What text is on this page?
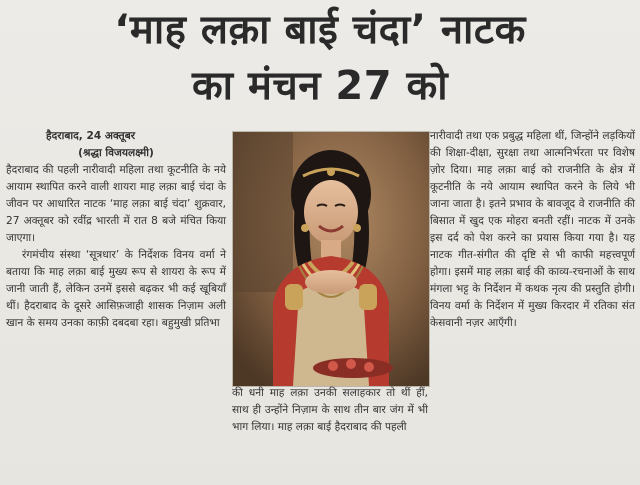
‘माह लक़ा बाई चंदा’ नाटक
का मंचन 27 को

हैदराबाद, 24 अक्तूबर

(श्रद्धा विजयलक्ष्मी)

हैदराबाद की पहली नारीवादी महिला तथा कूटनीति के नये आयाम स्थापित करने वाली शायरा माह लक़ा बाई चंदा के जीवन पर आधारित नाटक ‘माह लक़ा बाई चंदा’ शुक्रवार, 27 अक्तूबर को रवींद्र भारती में रात 8 बजे मंचित किया जाएगा।

रंगमंचीय संस्था ‘सूत्रधार’ के निर्देशक विनय वर्मा ने बताया कि माह लक़ा बाई मुख्य रूप से शायरा के रूप में जानी जाती हैं, लेकिन उनमें इससे बढ़कर भी कई खूबियाँ थीं। हैदराबाद के दूसरे आसिफ़जाही शासक निज़ाम अली खान के समय उनका काफ़ी दबदबा रहा। बहुमुखी प्रतिभा

की धनी माह लक़ा उनकी सलाहकार तो थीं हीं, साथ ही उन्होंने निज़ाम के साथ तीन बार जंग में भी भाग लिया। माह लक़ा बाई हैदराबाद की पहली

नारीवादी तथा एक प्रबुद्ध महिला थीं, जिन्होंने लड़कियों की शिक्षा-दीक्षा, सुरक्षा तथा आत्मनिर्भरता पर विशेष ज़ोर दिया। माह लक़ा बाई को राजनीति के क्षेत्र में कूटनीति के नये आयाम स्थापित करने के लिये भी जाना जाता है। इतने प्रभाव के बावजूद वे राजनीति की बिसात में खुद एक मोहरा बनती रहीं। नाटक में उनके इस दर्द को पेश करने का प्रयास किया गया है। यह नाटक गीत-संगीत की दृष्टि से भी काफी महत्त्वपूर्ण होगा। इसमें माह लक़ा बाई की काव्य-रचनाओं के साथ मंगला भट्ट के निर्देशन में कथक नृत्य की प्रस्तुति होगी। विनय वर्मा के निर्देशन में मुख्य किरदार में रतिका संत केसवानी नज़र आएँगी।
